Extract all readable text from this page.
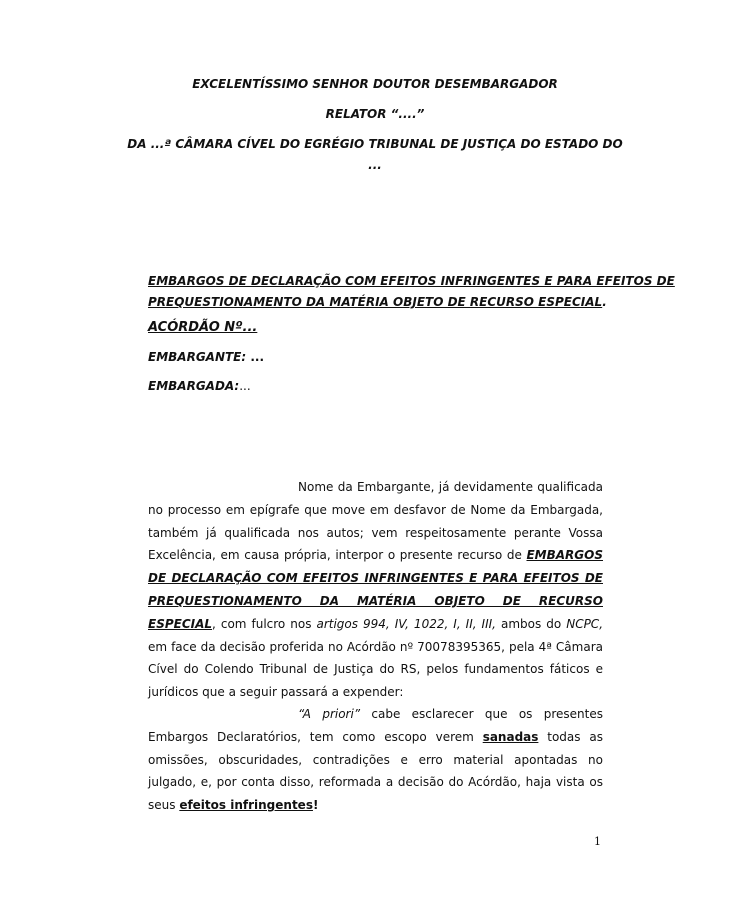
EXCELENTÍSSIMO SENHOR DOUTOR DESEMBARGADOR
RELATOR “....”
DA ...ª CÂMARA CÍVEL DO EGRÉGIO TRIBUNAL DE JUSTIÇA DO ESTADO DO
...
EMBARGOS DE DECLARAÇÃO COM EFEITOS INFRINGENTES E PARA EFEITOS DE
PREQUESTIONAMENTO DA MATÉRIA OBJETO DE RECURSO ESPECIAL.
ACÓRDÃO Nº...
EMBARGANTE: ...
EMBARGADA:...
Nome da Embargante, já devidamente qualificada no processo em epígrafe que move em desfavor de Nome da Embargada, também já qualificada nos autos; vem respeitosamente perante Vossa Excelência, em causa própria, interpor o presente recurso de EMBARGOS DE DECLARAÇÃO COM EFEITOS INFRINGENTES E PARA EFEITOS DE PREQUESTIONAMENTO DA MATÉRIA OBJETO DE RECURSO ESPECIAL, com fulcro nos artigos 994, IV, 1022, I, II, III, ambos do NCPC, em face da decisão proferida no Acórdão nº 70078395365, pela 4ª Câmara Cível do Colendo Tribunal de Justiça do RS, pelos fundamentos fáticos e jurídicos que a seguir passará a expender:
“A priori” cabe esclarecer que os presentes Embargos Declaratórios, tem como escopo verem sanadas todas as omissões, obscuridades, contradições e erro material apontadas no julgado, e, por conta disso, reformada a decisão do Acórdão, haja vista os seus efeitos infringentes!
1
